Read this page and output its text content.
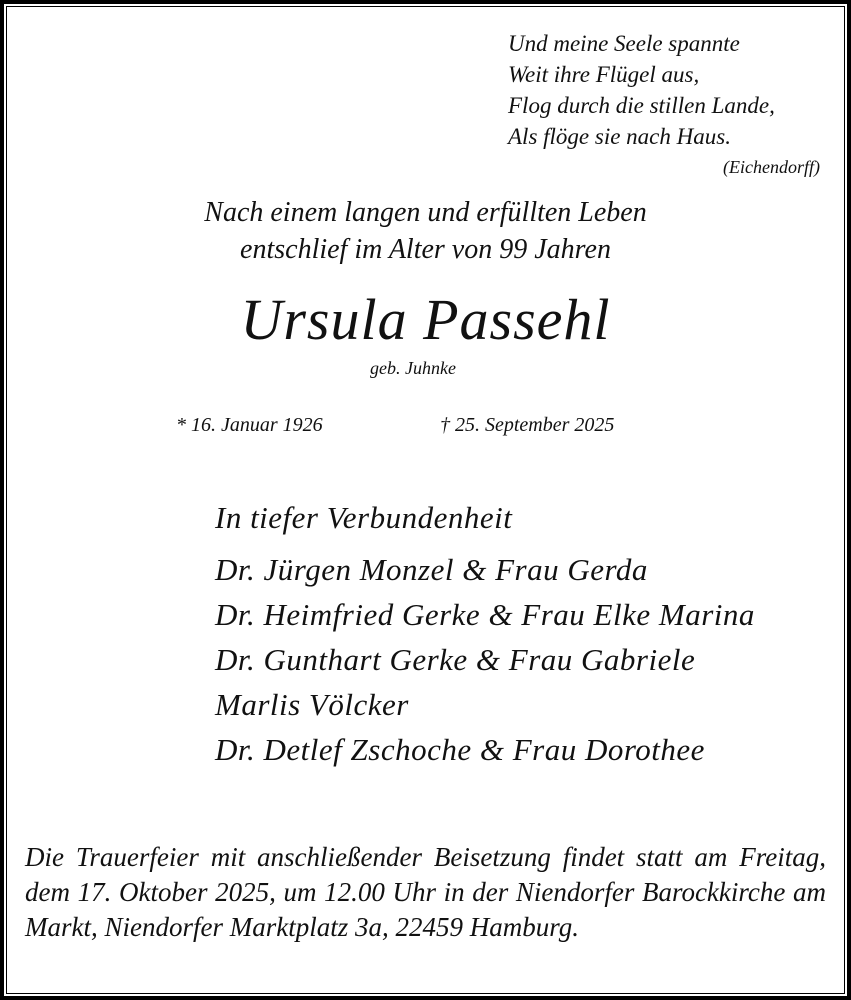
Und meine Seele spannte
Weit ihre Flügel aus,
Flog durch die stillen Lande,
Als flöge sie nach Haus.
(Eichendorff)
Nach einem langen und erfüllten Leben
entschlief im Alter von 99 Jahren
Ursula Passehl
geb. Juhnke
* 16. Januar 1926	† 25. September 2025
In tiefer Verbundenheit
Dr. Jürgen Monzel & Frau Gerda
Dr. Heimfried Gerke & Frau Elke Marina
Dr. Gunthart Gerke & Frau Gabriele
Marlis Völcker
Dr. Detlef Zschoche & Frau Dorothee
Die Trauerfeier mit anschließender Beisetzung findet statt am Freitag, dem 17. Oktober 2025, um 12.00 Uhr in der Niendorfer Barockkirche am Markt, Niendorfer Marktplatz 3a, 22459 Hamburg.
